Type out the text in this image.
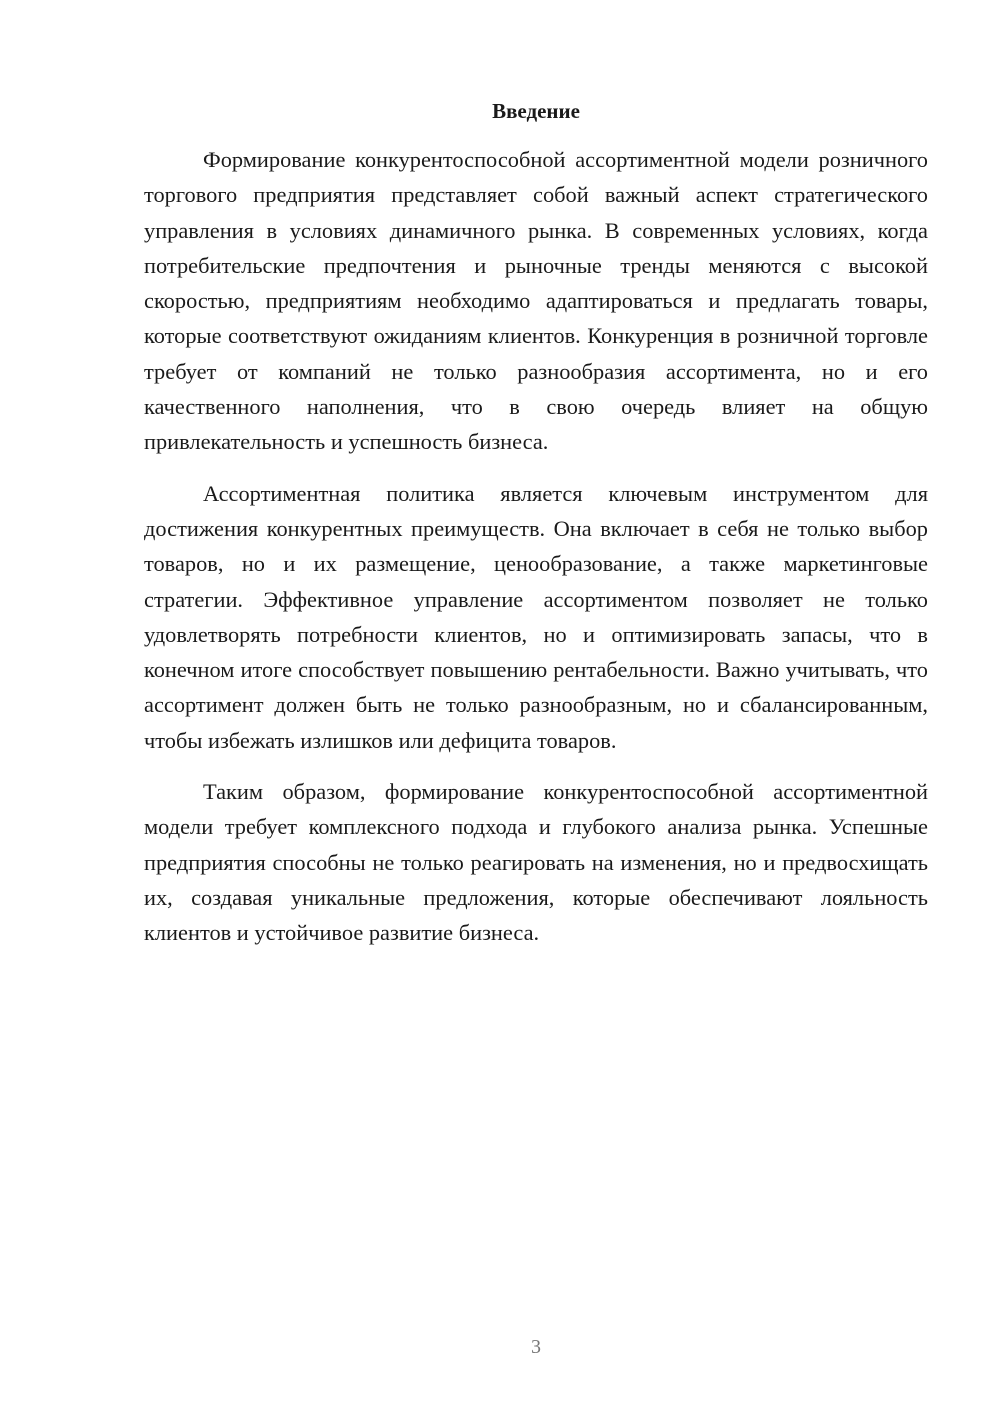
Введение

Формирование конкурентоспособной ассортиментной модели розничного торгового предприятия представляет собой важный аспект стратегического управления в условиях динамичного рынка. В современных условиях, когда потребительские предпочтения и рыночные тренды меняются с высокой скоростью, предприятиям необходимо адаптироваться и предлагать товары, которые соответствуют ожиданиям клиентов. Конкуренция в розничной торговле требует от компаний не только разнообразия ассортимента, но и его качественного наполнения, что в свою очередь влияет на общую привлекательность и успешность бизнеса.

Ассортиментная политика является ключевым инструментом для достижения конкурентных преимуществ. Она включает в себя не только выбор товаров, но и их размещение, ценообразование, а также маркетинговые стратегии. Эффективное управление ассортиментом позволяет не только удовлетворять потребности клиентов, но и оптимизировать запасы, что в конечном итоге способствует повышению рентабельности. Важно учитывать, что ассортимент должен быть не только разнообразным, но и сбалансированным, чтобы избежать излишков или дефицита товаров.

Таким образом, формирование конкурентоспособной ассортиментной модели требует комплексного подхода и глубокого анализа рынка. Успешные предприятия способны не только реагировать на изменения, но и предвосхищать их, создавая уникальные предложения, которые обеспечивают лояльность клиентов и устойчивое развитие бизнеса.

3
